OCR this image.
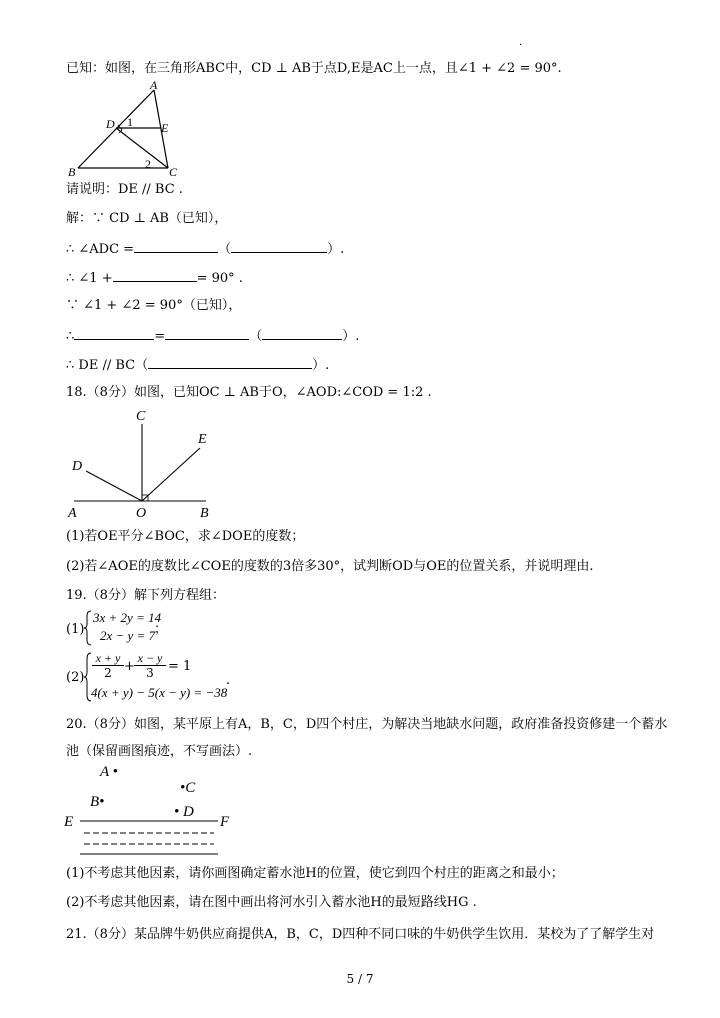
·
已知：如图，在三角形ABC中，CD ⊥ AB于点D,E是AC上一点，且∠1 + ∠2 = 90°.
A
D 1 E
B
2
C
请说明：DE // BC .
解：∵ CD ⊥ AB（已知），
∴ ∠ADC =	（	）.
∴ ∠1 +	= 90° .
∵ ∠1 + ∠2 = 90°（已知），
∴	=	（	）.
∴ DE // BC（	）.
18.（8分）如图，已知OC ⊥ AB于O，∠AOD:∠COD = 1:2 .
C
E
D
A	O	B
(1)若OE平分∠BOC，求∠DOE的度数；
(2)若∠AOE的度数比∠COE的度数的3倍多30°，试判断OD与OE的位置关系，并说明理由.
19.（8分）解下列方程组：
(1)
3x + 2y = 14
2x − y = 7
；
(2)
x + y
2 +
x − y
3	= 1
4(x + y) − 5(x − y) = −38
.
20.（8分）如图，某平原上有A，B，C，D四个村庄，为解决当地缺水问题，政府准备投资修建一个蓄水
池（保留画图痕迹，不写画法）.
A •
•C
B•
• D
E	F
(1)不考虑其他因素，请你画图确定蓄水池H的位置，使它到四个村庄的距离之和最小；
(2)不考虑其他因素，请在图中画出将河水引入蓄水池H的最短路线HG .
21.（8分）某品牌牛奶供应商提供A，B，C，D四种不同口味的牛奶供学生饮用．某校为了了解学生对
5 / 7
